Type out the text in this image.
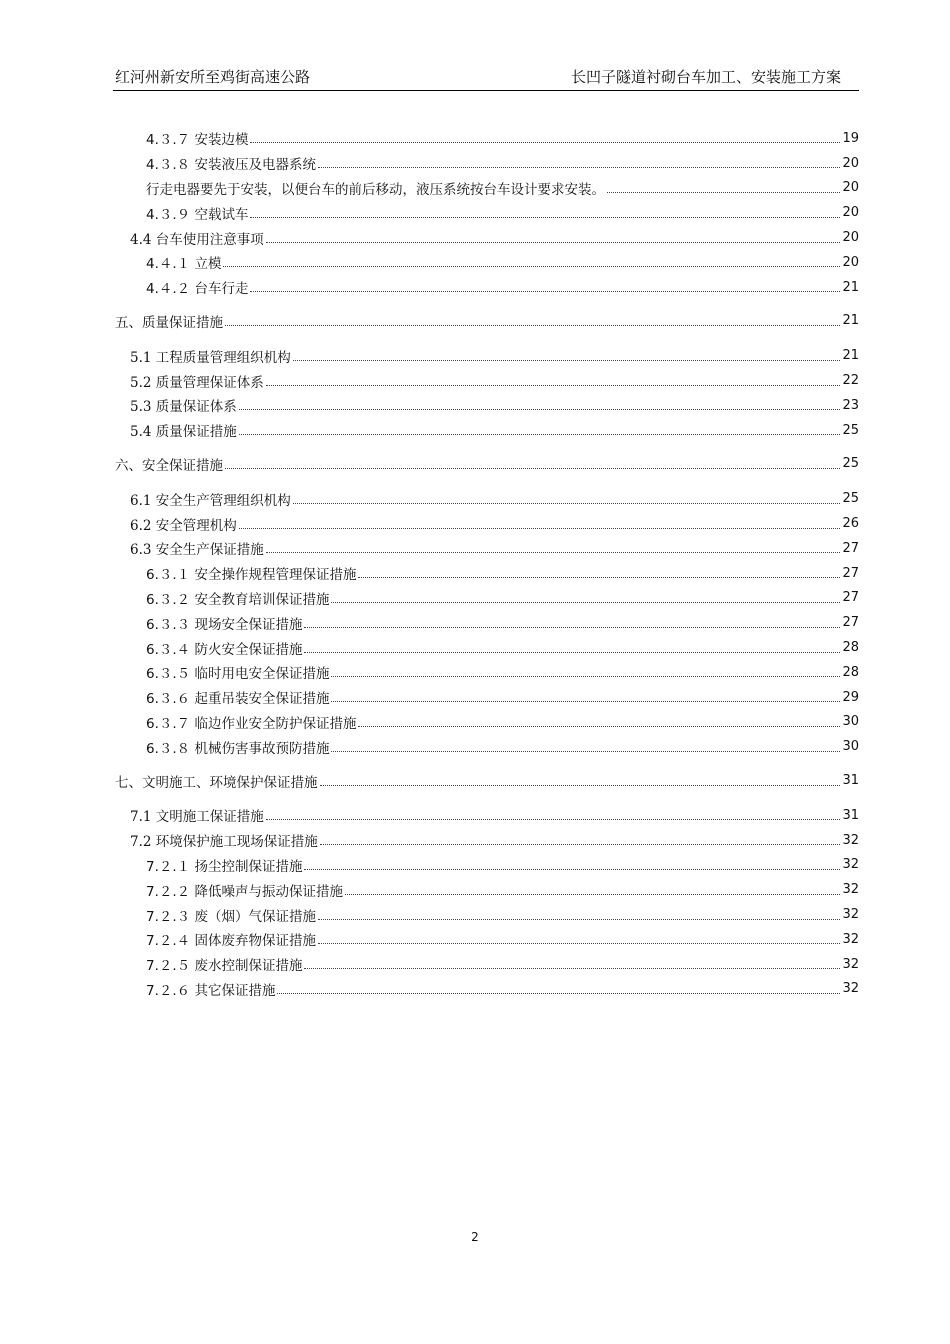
红河州新安所至鸡街高速公路	长凹子隧道衬砌台车加工、安装施工方案
4.３.７ 安装边模	19
4.３.８ 安装液压及电器系统	20
行走电器要先于安装，以便台车的前后移动，液压系统按台车设计要求安装。	20
4.３.９ 空载试车	20
4.4 台车使用注意事项	20
4.４.１ 立模	20
4.４.２ 台车行走	21
五、质量保证措施	21
5.1 工程质量管理组织机构	21
5.2 质量管理保证体系	22
5.3 质量保证体系	23
5.4 质量保证措施	25
六、安全保证措施	25
6.1 安全生产管理组织机构	25
6.2 安全管理机构	26
6.3 安全生产保证措施	27
6.３.１ 安全操作规程管理保证措施	27
6.３.２ 安全教育培训保证措施	27
6.３.３ 现场安全保证措施	27
6.３.４ 防火安全保证措施	28
6.３.５ 临时用电安全保证措施	28
6.３.６ 起重吊装安全保证措施	29
6.３.７ 临边作业安全防护保证措施	30
6.３.８ 机械伤害事故预防措施	30
七、文明施工、环境保护保证措施	31
7.1 文明施工保证措施	31
7.2 环境保护施工现场保证措施	32
7.２.１ 扬尘控制保证措施	32
7.２.２ 降低噪声与振动保证措施	32
7.２.３ 废（烟）气保证措施	32
7.２.４ 固体废弃物保证措施	32
7.２.５ 废水控制保证措施	32
7.２.６ 其它保证措施	32
2
